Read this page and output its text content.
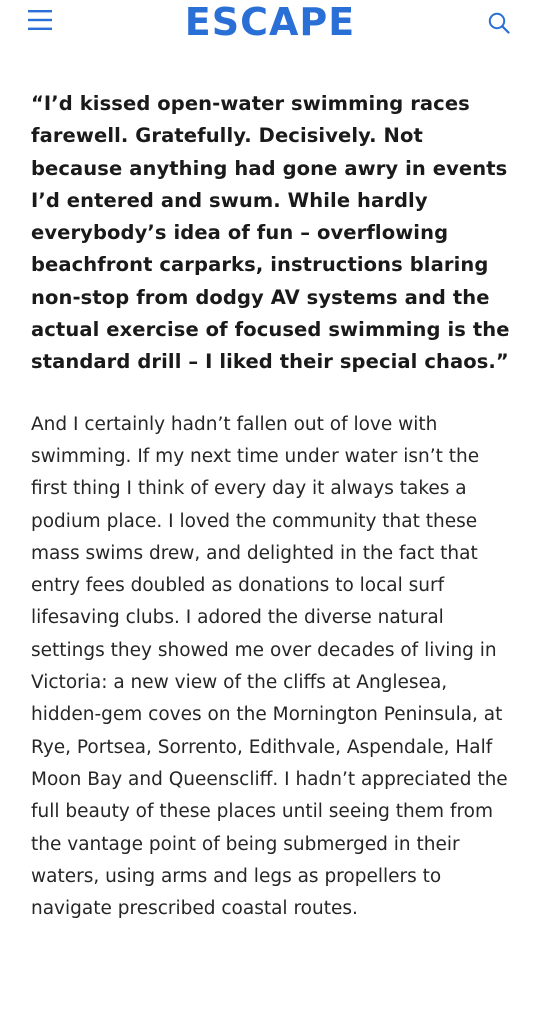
ESCAPE

“I’d kissed open-water swimming races farewell. Gratefully. Decisively. Not because anything had gone awry in events I’d entered and swum. While hardly everybody’s idea of fun – overflowing beachfront carparks, instructions blaring non-stop from dodgy AV systems and the actual exercise of focused swimming is the standard drill – I liked their special chaos.”

And I certainly hadn’t fallen out of love with swimming. If my next time under water isn’t the first thing I think of every day it always takes a podium place. I loved the community that these mass swims drew, and delighted in the fact that entry fees doubled as donations to local surf lifesaving clubs. I adored the diverse natural settings they showed me over decades of living in Victoria: a new view of the cliffs at Anglesea, hidden-gem coves on the Mornington Peninsula, at Rye, Portsea, Sorrento, Edithvale, Aspendale, Half Moon Bay and Queenscliff. I hadn’t appreciated the full beauty of these places until seeing them from the vantage point of being submerged in their waters, using arms and legs as propellers to navigate prescribed coastal routes.
